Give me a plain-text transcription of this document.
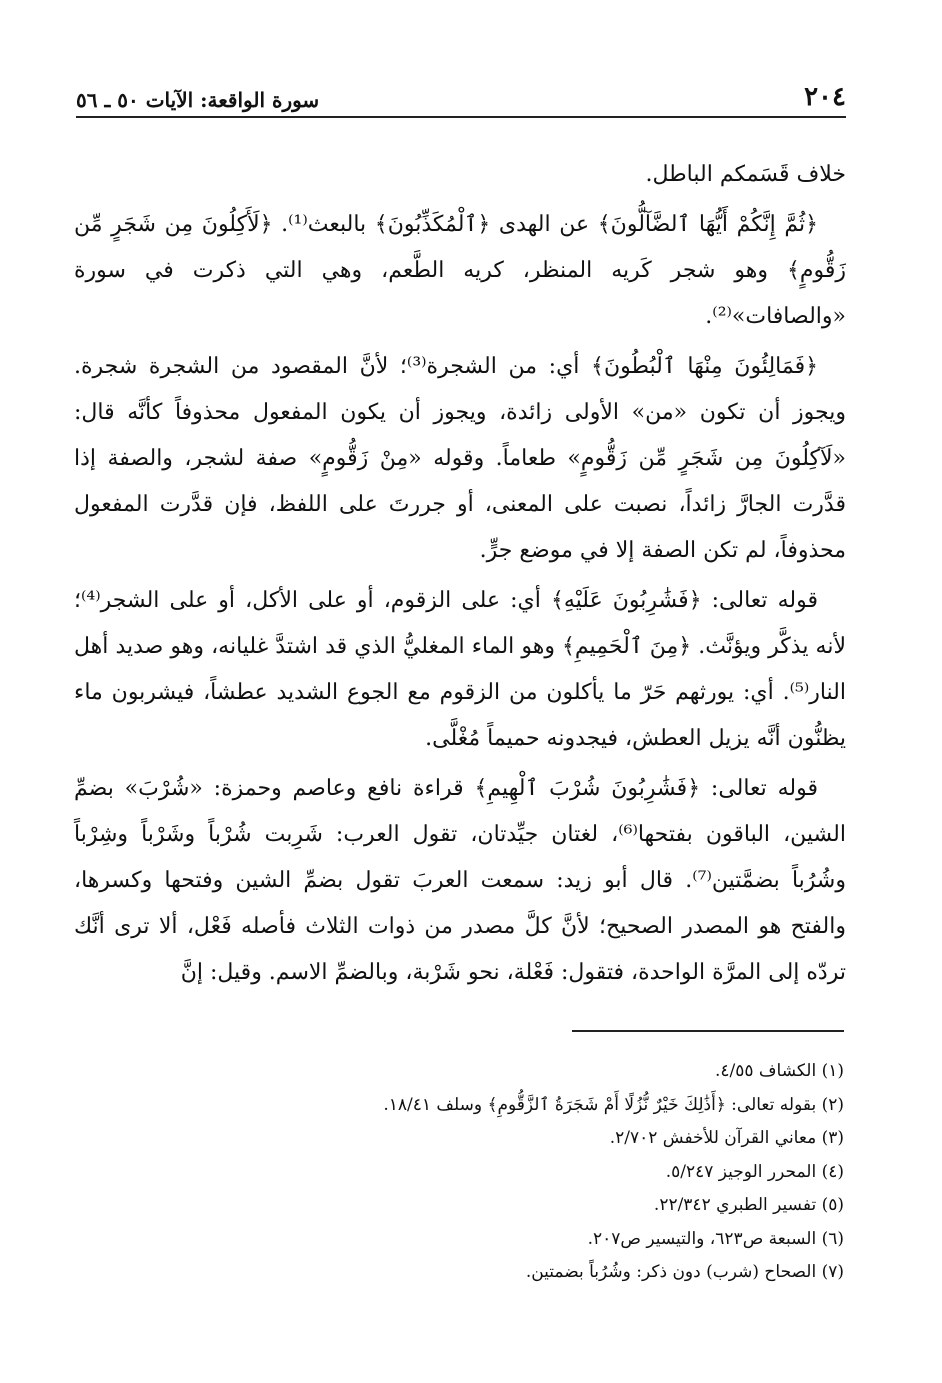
سورة الواقعة: الآيات ٥٠ ـ ٥٦	٢٠٤

خلاف قَسَمكم الباطل.

﴿ثُمَّ إِنَّكُمْ أَيُّهَا ٱلضَّآلُّونَ﴾ عن الهدى ﴿ٱلْمُكَذِّبُونَ﴾ بالبعث⁽¹⁾. ﴿لَأَكِلُونَ مِن شَجَرٍ مِّن زَقُّومٍ﴾ وهو شجر كَريه المنظر، كريه الطَّعم، وهي التي ذكرت في سورة «والصافات»⁽²⁾.

﴿فَمَالِئُونَ مِنْهَا ٱلْبُطُونَ﴾ أي: من الشجرة⁽³⁾؛ لأنَّ المقصود من الشجرة شجرة. ويجوز أن تكون «من» الأولى زائدة، ويجوز أن يكون المفعول محذوفاً كأنَّه قال: «لَآكِلُونَ مِن شَجَرٍ مِّن زَقُّومٍ» طعاماً. وقوله «مِنْ زَقُّومٍ» صفة لشجر، والصفة إذا قدَّرت الجارَّ زائداً، نصبت على المعنى، أو جررتَ على اللفظ، فإن قدَّرت المفعول محذوفاً، لم تكن الصفة إلا في موضع جرٍّ.

قوله تعالى: ﴿فَشَٰرِبُونَ عَلَيْهِ﴾ أي: على الزقوم، أو على الأكل، أو على الشجر⁽⁴⁾؛ لأنه يذكَّر ويؤنَّث. ﴿مِنَ ٱلْحَمِيمِ﴾ وهو الماء المغليُّ الذي قد اشتدَّ غليانه، وهو صديد أهل النار⁽⁵⁾. أي: يورثهم حَرّ ما يأكلون من الزقوم مع الجوع الشديد عطشاً، فيشربون ماء يظنُّون أنَّه يزيل العطش، فيجدونه حميماً مُغْلَّى.

قوله تعالى: ﴿فَشَٰرِبُونَ شُرْبَ ٱلْهِيمِ﴾ قراءة نافع وعاصم وحمزة: «شُرْبَ» بضمِّ الشين، الباقون بفتحها⁽⁶⁾، لغتان جيِّدتان، تقول العرب: شَرِبت شُرْباً وشَرْباً وشِرْباً وشُرُباً بضمَّتين⁽⁷⁾. قال أبو زيد: سمعت العربَ تقول بضمِّ الشين وفتحها وكسرها، والفتح هو المصدر الصحيح؛ لأنَّ كلَّ مصدر من ذوات الثلاث فأصله فَعْل، ألا ترى أنَّك تردّه إلى المرَّة الواحدة، فتقول: فَعْلة، نحو شَرْبة، وبالضمِّ الاسم. وقيل: إنَّ

(١) الكشاف ٤/٥٥.
(٢) بقوله تعالى: ﴿أَذَٰلِكَ خَيْرٌ نُّزُلًا أَمْ شَجَرَةُ ٱلزَّقُّومِ﴾ وسلف ١٨/٤١.
(٣) معاني القرآن للأخفش ٢/٧٠٢.
(٤) المحرر الوجيز ٥/٢٤٧.
(٥) تفسير الطبري ٢٢/٣٤٢.
(٦) السبعة ص٦٢٣، والتيسير ص٢٠٧.
(٧) الصحاح (شرب) دون ذكر: وشُرُباً بضمتين.
